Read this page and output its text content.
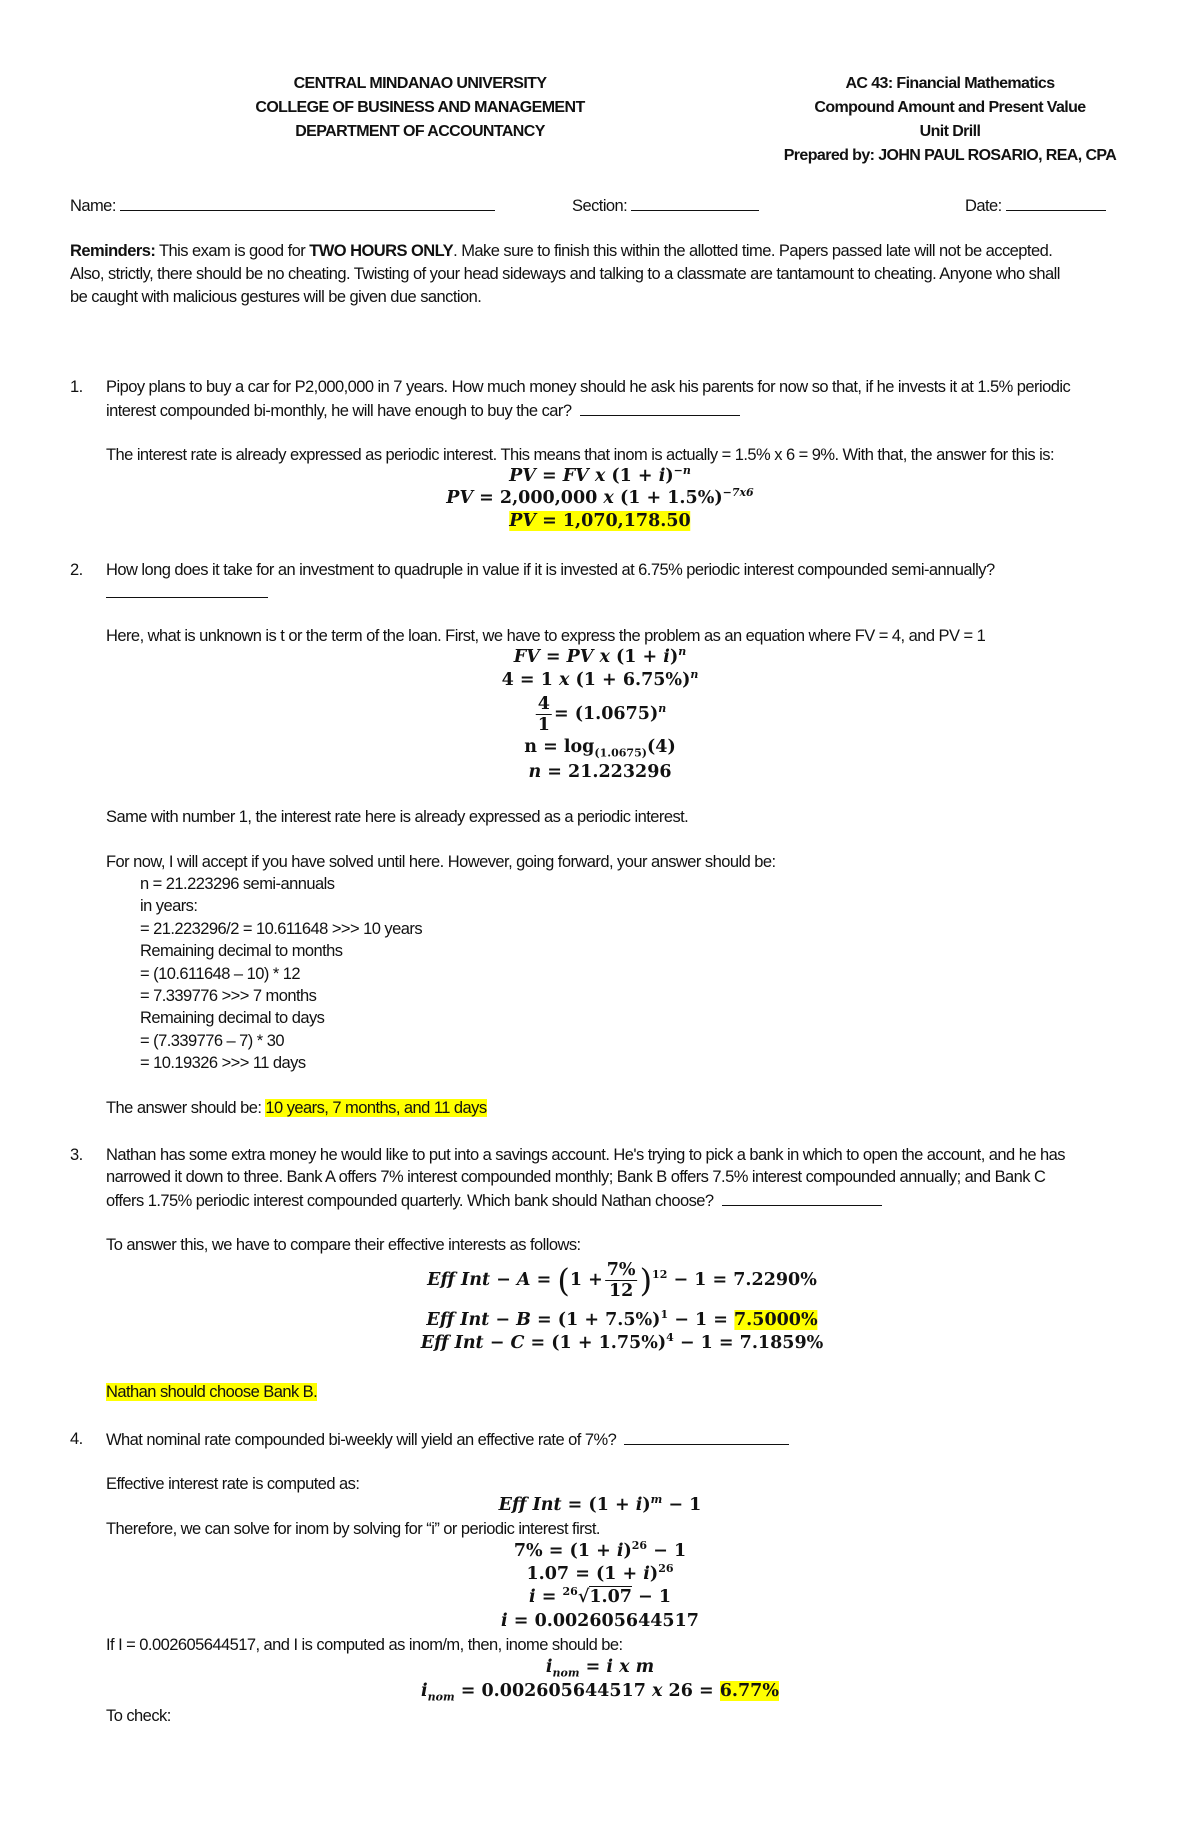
CENTRAL MINDANAO UNIVERSITY
COLLEGE OF BUSINESS AND MANAGEMENT
DEPARTMENT OF ACCOUNTANCY
AC 43: Financial Mathematics
Compound Amount and Present Value
Unit Drill
Prepared by: JOHN PAUL ROSARIO, REA, CPA
Name:	Section:	Date:
Reminders: This exam is good for TWO HOURS ONLY. Make sure to finish this within the allotted time. Papers passed late will not be accepted.
Also, strictly, there should be no cheating. Twisting of your head sideways and talking to a classmate are tantamount to cheating. Anyone who shall
be caught with malicious gestures will be given due sanction.
1.	Pipoy plans to buy a car for P2,000,000 in 7 years. How much money should he ask his parents for now so that, if he invests it at 1.5% periodic
interest compounded bi-monthly, he will have enough to buy the car?
The interest rate is already expressed as periodic interest. This means that inom is actually = 1.5% x 6 = 9%. With that, the answer for this is:
PV = FV x $(1 + i)^{-n}$
PV = 2,000,000 x $(1 + 1.5\%)^{-7x6}$
PV = 1,070,178.50
2.	How long does it take for an investment to quadruple in value if it is invested at 6.75% periodic interest compounded semi-annually?
Here, what is unknown is t or the term of the loan. First, we have to express the problem as an equation where FV = 4, and PV = 1
FV = PV x $(1 + i)^n$
4 = 1 x $(1 + 6.75\%)^n$
$\frac{4}{1} = (1.0675)^n$
$n = \log_{(1.0675)}(4)$
n = 21.223296
Same with number 1, the interest rate here is already expressed as a periodic interest.
For now, I will accept if you have solved until here. However, going forward, your answer should be:
n = 21.223296 semi-annuals
in years:
= 21.223296/2 = 10.611648 >>> 10 years
Remaining decimal to months
= (10.611648 – 10) * 12
= 7.339776 >>> 7 months
Remaining decimal to days
= (7.339776 – 7) * 30
= 10.19326 >>> 11 days
The answer should be: 10 years, 7 months, and 11 days
3.	Nathan has some extra money he would like to put into a savings account. He's trying to pick a bank in which to open the account, and he has
narrowed it down to three. Bank A offers 7% interest compounded monthly; Bank B offers 7.5% interest compounded annually; and Bank C
offers 1.75% periodic interest compounded quarterly. Which bank should Nathan choose?
To answer this, we have to compare their effective interests as follows:
Eff Int − $A = (1 + \frac{7\%}{12} )^{12} - 1 = 7.2290\%$
Eff Int − $B = (1 + 7.5\%)^1 - 1 = 7.5000\%$
Eff Int − $C = (1 + 1.75\%)^4 - 1 = 7.1859\%$
Nathan should choose Bank B.
4.	What nominal rate compounded bi-weekly will yield an effective rate of 7%?
Effective interest rate is computed as:
Eff Int = $(1 + i)^m - 1$
Therefore, we can solve for inom by solving for “i” or periodic interest first.
$7\% = (1 + i)^{26} - 1$
$1.07 = (1 + i)^{26}$
i = $^{26}$√1.07 − 1
i = 0.002605644517
If I = 0.002605644517, and I is computed as inom/m, then, inome should be:
$i_{nom} = i$ x m
$i_{nom} = 0.002605644517$ x 26 = 6.77%
To check:
